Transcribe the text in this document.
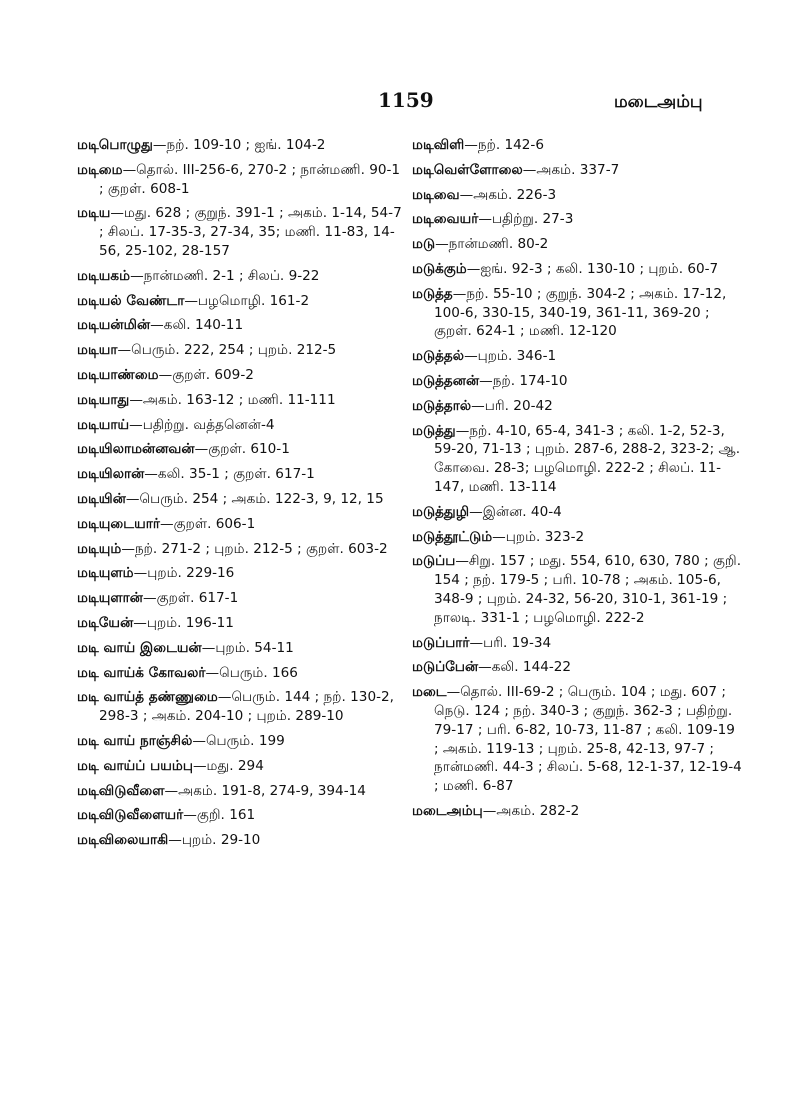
1159	மடைஅம்பு

மடிபொழுது—நற். 109-10 ; ஐங். 104-2

மடிமை—தொல். III-256-6, 270-2 ; நான்மணி. 90-1 ; குறள். 608-1

மடிய—மது. 628 ; குறுந். 391-1 ; அகம். 1-14, 54-7 ; சிலப். 17-35-3, 27-34, 35; மணி. 11-83, 14-56, 25-102, 28-157

மடியகம்—நான்மணி. 2-1 ; சிலப். 9-22

மடியல் வேண்டா—பழமொழி. 161-2

மடியன்மின்—கலி. 140-11

மடியா—பெரும். 222, 254 ; புறம். 212-5

மடியாண்மை—குறள். 609-2

மடியாது—அகம். 163-12 ; மணி. 11-111

மடியாய்—பதிற்று. வத்தனென்-4

மடியிலாமன்னவன்—குறள். 610-1

மடியிலான்—கலி. 35-1 ; குறள். 617-1

மடியின்—பெரும். 254 ; அகம். 122-3, 9, 12, 15

மடியுடையார்—குறள். 606-1

மடியும்—நற். 271-2 ; புறம். 212-5 ; குறள். 603-2

மடியுளம்—புறம். 229-16

மடியுளான்—குறள். 617-1

மடியேன்—புறம். 196-11

மடி வாய் இடையன்—புறம். 54-11

மடி வாய்க் கோவலர்—பெரும். 166

மடி வாய்த் தண்ணுமை—பெரும். 144 ; நற். 130-2, 298-3 ; அகம். 204-10 ; புறம். 289-10

மடி வாய் நாஞ்சில்—பெரும். 199

மடி வாய்ப் பயம்பு—மது. 294

மடிவிடுவீளை—அகம். 191-8, 274-9, 394-14

மடிவிடுவீளையர்—குறி. 161

மடிவிலையாகி—புறம். 29-10

மடிவிளி—நற். 142-6

மடிவெள்ளோலை—அகம். 337-7

மடிவை—அகம். 226-3

மடிவையர்—பதிற்று. 27-3

மடு—நான்மணி. 80-2

மடுக்கும்—ஐங். 92-3 ; கலி. 130-10 ; புறம். 60-7

மடுத்த—நற். 55-10 ; குறுந். 304-2 ; அகம். 17-12, 100-6, 330-15, 340-19, 361-11, 369-20 ; குறள். 624-1 ; மணி. 12-120

மடுத்தல்—புறம். 346-1

மடுத்தனன்—நற். 174-10

மடுத்தால்—பரி. 20-42

மடுத்து—நற். 4-10, 65-4, 341-3 ; கலி. 1-2, 52-3, 59-20, 71-13 ; புறம். 287-6, 288-2, 323-2; ஆ. கோவை. 28-3; பழமொழி. 222-2 ; சிலப். 11-147, மணி. 13-114

மடுத்துழி—இன்ன. 40-4

மடுத்தூட்டும்—புறம். 323-2

மடுப்ப—சிறு. 157 ; மது. 554, 610, 630, 780 ; குறி. 154 ; நற். 179-5 ; பரி. 10-78 ; அகம். 105-6, 348-9 ; புறம். 24-32, 56-20, 310-1, 361-19 ; நாலடி. 331-1 ; பழமொழி. 222-2

மடுப்பார்—பரி. 19-34

மடுப்பேன்—கலி. 144-22

மடை—தொல். III-69-2 ; பெரும். 104 ; மது. 607 ; நெடு. 124 ; நற். 340-3 ; குறுந். 362-3 ; பதிற்று. 79-17 ; பரி. 6-82, 10-73, 11-87 ; கலி. 109-19 ; அகம். 119-13 ; புறம். 25-8, 42-13, 97-7 ; நான்மணி. 44-3 ; சிலப். 5-68, 12-1-37, 12-19-4 ; மணி. 6-87

மடைஅம்பு—அகம். 282-2
